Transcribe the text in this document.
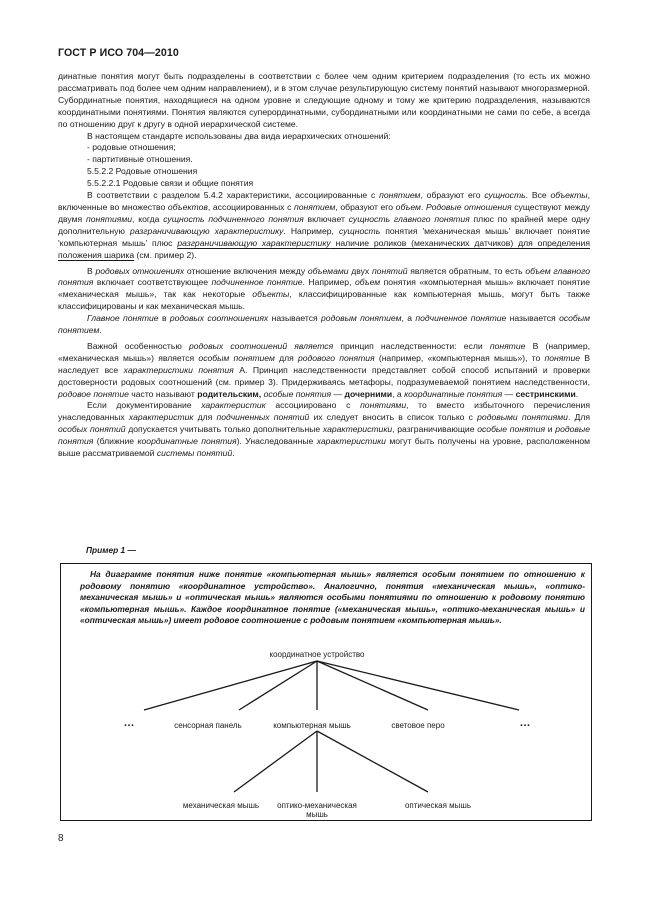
ГОСТ Р ИСО 704—2010

динатные понятия могут быть подразделены в соответствии с более чем одним критерием подразделения (то есть их можно рассматривать под более чем одним направлением), и в этом случае результирующую систему понятий называют многоразмерной. Субординатные понятия, находящиеся на одном уровне и следующие одному и тому же критерию подразделения, называются координатными понятиями. Понятия являются суперординатными, субординатными или координатными не сами по себе, а всегда по отношению друг к другу в одной иерархической системе.

В настоящем стандарте использованы два вида иерархических отношений:

- родовые отношения;

- партитивные отношения.

5.5.2.2 Родовые отношения

5.5.2.2.1 Родовые связи и общие понятия

В соответствии с разделом 5.4.2 характеристики, ассоциированные с понятием, образуют его сущность. Все объекты, включенные во множество объектов, ассоциированных с понятием, образуют его объем. Родовые отношения существуют между двумя понятиями, когда сущность подчиненного понятия включает сущность главного понятия плюс по крайней мере одну дополнительную разграничивающую характеристику. Например, сущность понятия 'механическая мышь' включает понятие 'компьютерная мышь' плюс разграничивающую характеристику наличие роликов (механических датчиков) для определения положения шарика (см. пример 2).

В родовых отношениях отношение включения между объемами двух понятий является обратным, то есть объем главного понятия включает соответствующее подчиненное понятие. Например, объем понятия «компьютерная мышь» включает понятие «механическая мышь», так как некоторые объекты, классифицированные как компьютерная мышь, могут быть также классифицированы и как механическая мышь.

Главное понятие в родовых соотношениях называется родовым понятием, а подчиненное понятие называется особым понятием.

Важной особенностью родовых соотношений является принцип наследственности: если понятие В (например, «механическая мышь») является особым понятием для родового понятия (например, «компьютерная мышь»), то понятие В наследует все характеристики понятия А. Принцип наследственности представляет собой способ испытаний и проверки достоверности родовых соотношений (см. пример 3). Придерживаясь метафоры, подразумеваемой понятием наследственности, родовое понятие часто называют родительским, особые понятия — дочерними, а координатные понятия — сестринскими.

Если документирование характеристик ассоциировано с понятиями, то вместо избыточного перечисления унаследованных характеристик для подчиненных понятий их следует вносить в список только с родовыми понятиями. Для особых понятий допускается учитывать только дополнительные характеристики, разграничивающие особые понятия и родовые понятия (ближние координатные понятия). Унаследованные характеристики могут быть получены на уровне, расположенном выше рассматриваемой системы понятий.

Пример 1 —
На диаграмме понятия ниже понятие «компьютерная мышь» является особым понятием по отношению к родовому понятию «координатное устройство». Аналогично, понятия «механическая мышь», «оптико-механическая мышь» и «оптическая мышь» являются особыми понятиями по отношению к родовому понятию «компьютерная мышь». Каждое координатное понятие («механическая мышь», «оптико-механическая мышь» и «оптическая мышь») имеет родовое соотношение с родовым понятием «компьютерная мышь».
координатное устройство
…	сенсорная панель	компьютерная мышь	световое перо	…
механическая мышь оптико-механическая
мышь
оптическая мышь
8
